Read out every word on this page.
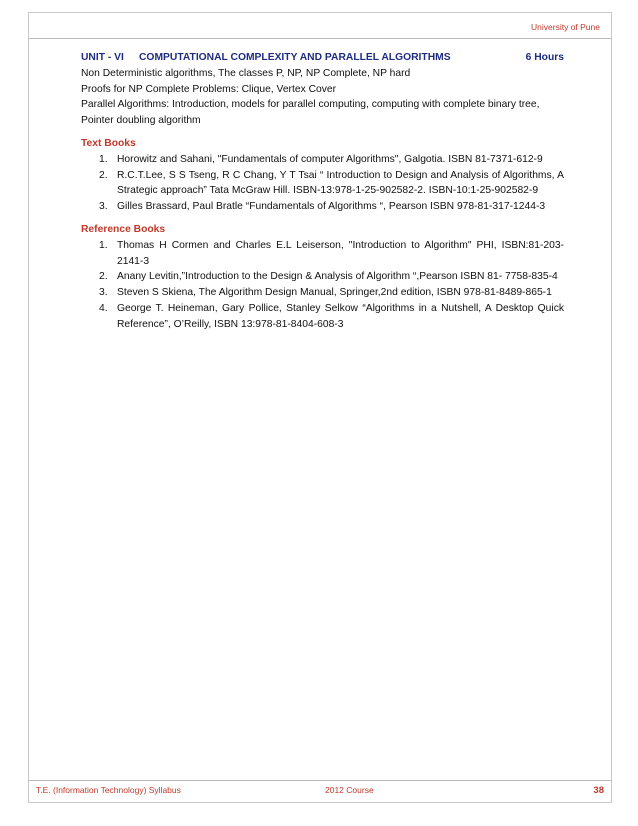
University of Pune
UNIT - VI	COMPUTATIONAL COMPLEXITY AND PARALLEL ALGORITHMS	6 Hours

Non Deterministic algorithms, The classes P, NP, NP Complete, NP hard

Proofs for NP Complete Problems: Clique, Vertex Cover

Parallel Algorithms: Introduction, models for parallel computing, computing with complete binary tree, Pointer doubling algorithm

Text Books
1. Horowitz and Sahani, "Fundamentals of computer Algorithms", Galgotia. ISBN 81-7371-612-9
2. R.C.T.Lee, S S Tseng, R C Chang, Y T Tsai “ Introduction to Design and Analysis of Algorithms, A Strategic approach” Tata McGraw Hill. ISBN-13:978-1-25-902582-2. ISBN-10:1-25-902582-9
3. Gilles Brassard, Paul Bratle “Fundamentals of Algorithms “, Pearson ISBN 978-81-317-1244-3
Reference Books
1. Thomas H Cormen and Charles E.L Leiserson, "Introduction to Algorithm" PHI, ISBN:81-203-2141-3
2. Anany Levitin,”Introduction to the Design & Analysis of Algorithm “,Pearson ISBN 81- 7758-835-4
3. Steven S Skiena, The Algorithm Design Manual, Springer,2nd edition, ISBN 978-81-8489-865-1
4. George T. Heineman, Gary Pollice, Stanley Selkow “Algorithms in a Nutshell, A Desktop Quick Reference”, O’Reilly, ISBN 13:978-81-8404-608-3
T.E. (Information Technology) Syllabus	2012 Course	38
